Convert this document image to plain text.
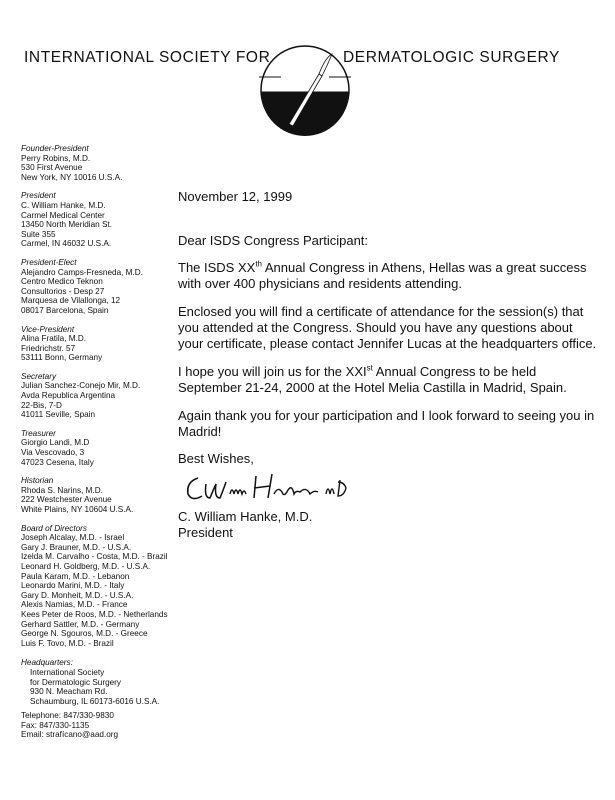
INTERNATIONAL SOCIETY FOR	DERMATOLOGIC SURGERY
Founder-President
Perry Robins, M.D.
530 First Avenue
New York, NY 10016 U.S.A.
President
C. William Hanke, M.D.
Carmel Medical Center
13450 North Meridian St.
Suite 355
Carmel, IN 46032 U.S.A.
President-Elect
Alejandro Camps-Fresneda, M.D.
Centro Medico Teknon
Consultorios - Desp 27
Marquesa de Vilallonga, 12
08017 Barcelona, Spain
Vice-President
Alina Fratila, M.D.
Friedrichstr. 57
53111 Bonn, Germany
Secretary
Julian Sanchez-Conejo Mir, M.D.
Avda Republica Argentina
22-Bis, 7-D
41011 Seville, Spain
Treasurer
Giorgio Landi, M.D
Via Vescovado, 3
47023 Cesena, Italy
Historian
Rhoda S. Narins, M.D.
222 Westchester Avenue
White Plains, NY 10604 U.S.A.
Board of Directors
Joseph Alcalay, M.D. - Israel
Gary J. Brauner, M.D. - U.S.A.
Izelda M. Carvalho - Costa, M.D. - Brazil
Leonard H. Goldberg, M.D. - U.S.A.
Paula Karam, M.D. - Lebanon
Leonardo Marini, M.D. - Italy
Gary D. Monheit, M.D. - U.S.A.
Alexis Namias, M.D. - France
Kees Peter de Roos, M.D. - Netherlands
Gerhard Sattler, M.D. - Germany
George N. Sgouros, M.D. - Greece
Luis F. Tovo, M.D. - Brazil
Headquarters:
International Society
for Dermatologic Surgery
930 N. Meacham Rd.
Schaumburg, IL 60173-6016 U.S.A.
Telephone: 847/330-9830
Fax: 847/330-1135
Email: strafícano@aad.org

November 12, 1999

Dear ISDS Congress Participant:

The ISDS XXth Annual Congress in Athens, Hellas was a great success with over 400 physicians and residents attending.

Enclosed you will find a certificate of attendance for the session(s) that you attended at the Congress. Should you have any questions about your certificate, please contact Jennifer Lucas at the headquarters office.

I hope you will join us for the XXIst Annual Congress to be held September 21-24, 2000 at the Hotel Melia Castilla in Madrid, Spain.

Again thank you for your participation and I look forward to seeing you in Madrid!

Best Wishes,

C. William Hanke, M.D.
President
